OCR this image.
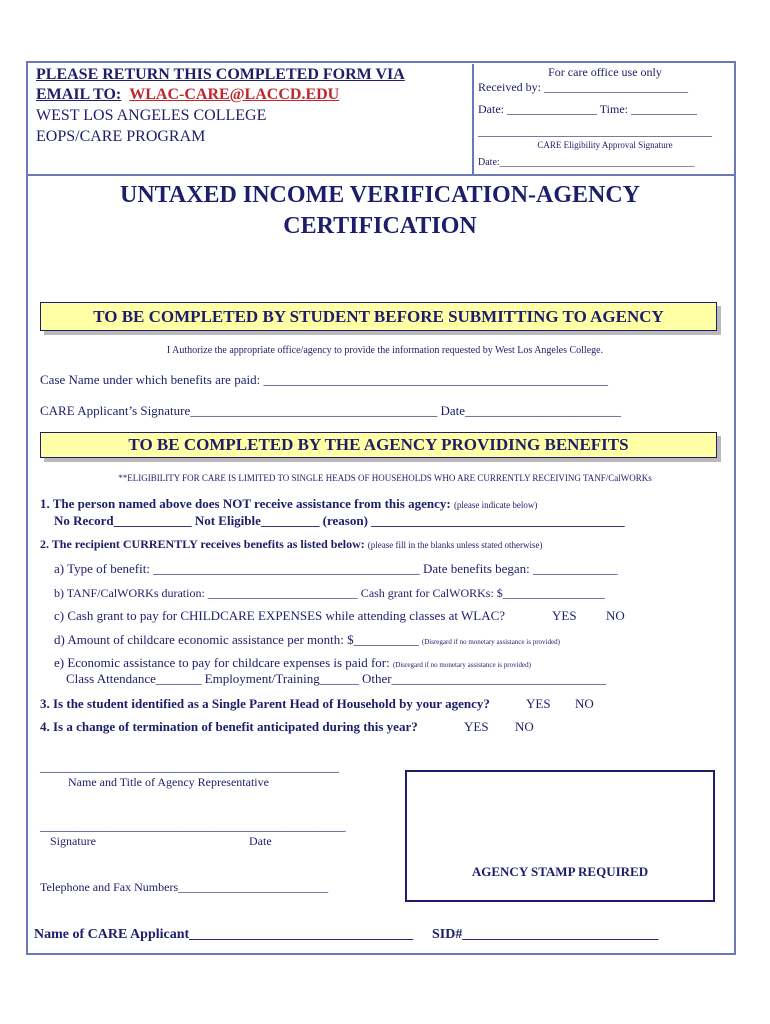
PLEASE RETURN THIS COMPLETED FORM VIA
EMAIL TO: WLAC-CARE@LACCD.EDU
WEST LOS ANGELES COLLEGE
EOPS/CARE PROGRAM
For care office use only
Received by: ________________________
Date: _______________ Time: ___________
_______________________________________
CARE Eligibility Approval Signature
Date:_______________________________________
UNTAXED INCOME VERIFICATION-AGENCY
CERTIFICATION
TO BE COMPLETED BY STUDENT BEFORE SUBMITTING TO AGENCY
I Authorize the appropriate office/agency to provide the information requested by West Los Angeles College.
Case Name under which benefits are paid: _____________________________________________________
CARE Applicant’s Signature______________________________________ Date________________________
TO BE COMPLETED BY THE AGENCY PROVIDING BENEFITS
**ELIGIBILITY FOR CARE IS LIMITED TO SINGLE HEADS OF HOUSEHOLDS WHO ARE CURRENTLY RECEIVING TANF/CalWORKs
1. The person named above does NOT receive assistance from this agency: (please indicate below)
No Record____________ Not Eligible_________ (reason) _______________________________________
2. The recipient CURRENTLY receives benefits as listed below: (please fill in the blanks unless stated otherwise)
a) Type of benefit: _________________________________________ Date benefits began: _____________
b) TANF/CalWORKs duration: _________________________ Cash grant for CalWORKs: $_________________
c) Cash grant to pay for CHILDCARE EXPENSES while attending classes at WLAC?	YES NO
d) Amount of childcare economic assistance per month: $__________ (Disregard if no monetary assistance is provided)
e) Economic assistance to pay for childcare expenses is paid for: (Disregard if no monetary assistance is provided)
Class Attendance_______ Employment/Training______ Other_________________________________
3. Is the student identified as a Single Parent Head of Household by your agency?	YES NO
4. Is a change of termination of benefit anticipated during this year?	YES NO
______________________________________________
Name and Title of Agency Representative
_______________________________________________
Signature	Date
Telephone and Fax Numbers_________________________
AGENCY STAMP REQUIRED
Name of CARE Applicant________________________________ SID#____________________________
